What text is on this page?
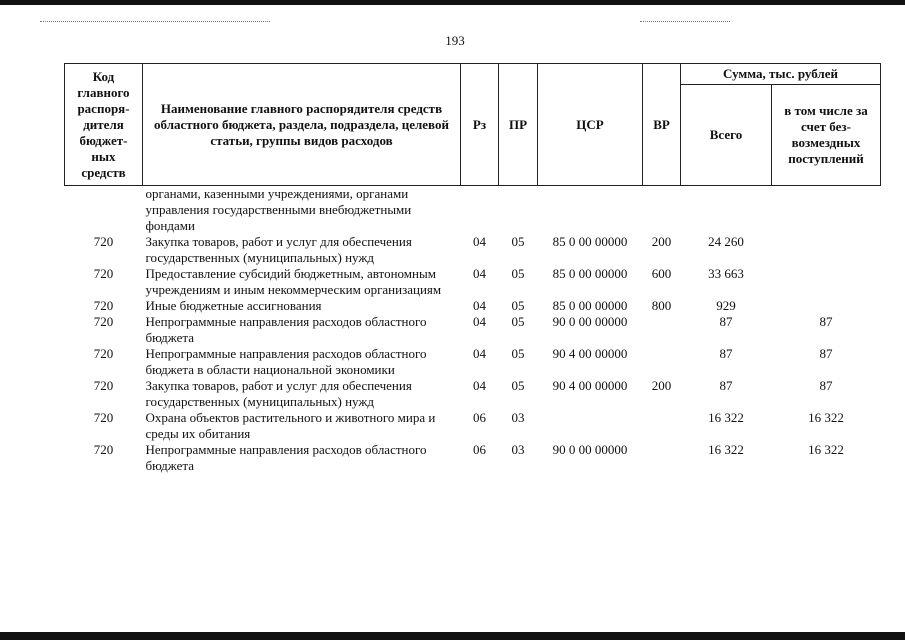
193
Код главного распоря-дителя бюджет-ных средств	Наименование главного распорядителя средств областного бюджета, раздела, подраздела, целевой статьи, группы видов расходов	Рз	ПР	ЦСР	ВР	Сумма, тыс. рублей	
						Всего	в том числе за счет без-возмездных поступлений
	органами, казенными учреждениями, органами управления государственными внебюджетными фондами						
720	Закупка товаров, работ и услуг для обеспечения государственных (муниципальных) нужд	04	05	85 0 00 00000	200	24 260	
720	Предоставление субсидий бюджетным, автономным учреждениям и иным некоммерческим организациям	04	05	85 0 00 00000	600	33 663	
720	Иные бюджетные ассигнования	04	05	85 0 00 00000	800	929	
720	Непрограммные направления расходов областного бюджета	04	05	90 0 00 00000		87	87
720	Непрограммные направления расходов областного бюджета в области национальной экономики	04	05	90 4 00 00000		87	87
720	Закупка товаров, работ и услуг для обеспечения государственных (муниципальных) нужд	04	05	90 4 00 00000	200	87	87
720	Охрана объектов растительного и животного мира и среды их обитания	06	03			16 322	16 322
720	Непрограммные направления расходов областного бюджета	06	03	90 0 00 00000		16 322	16 322
